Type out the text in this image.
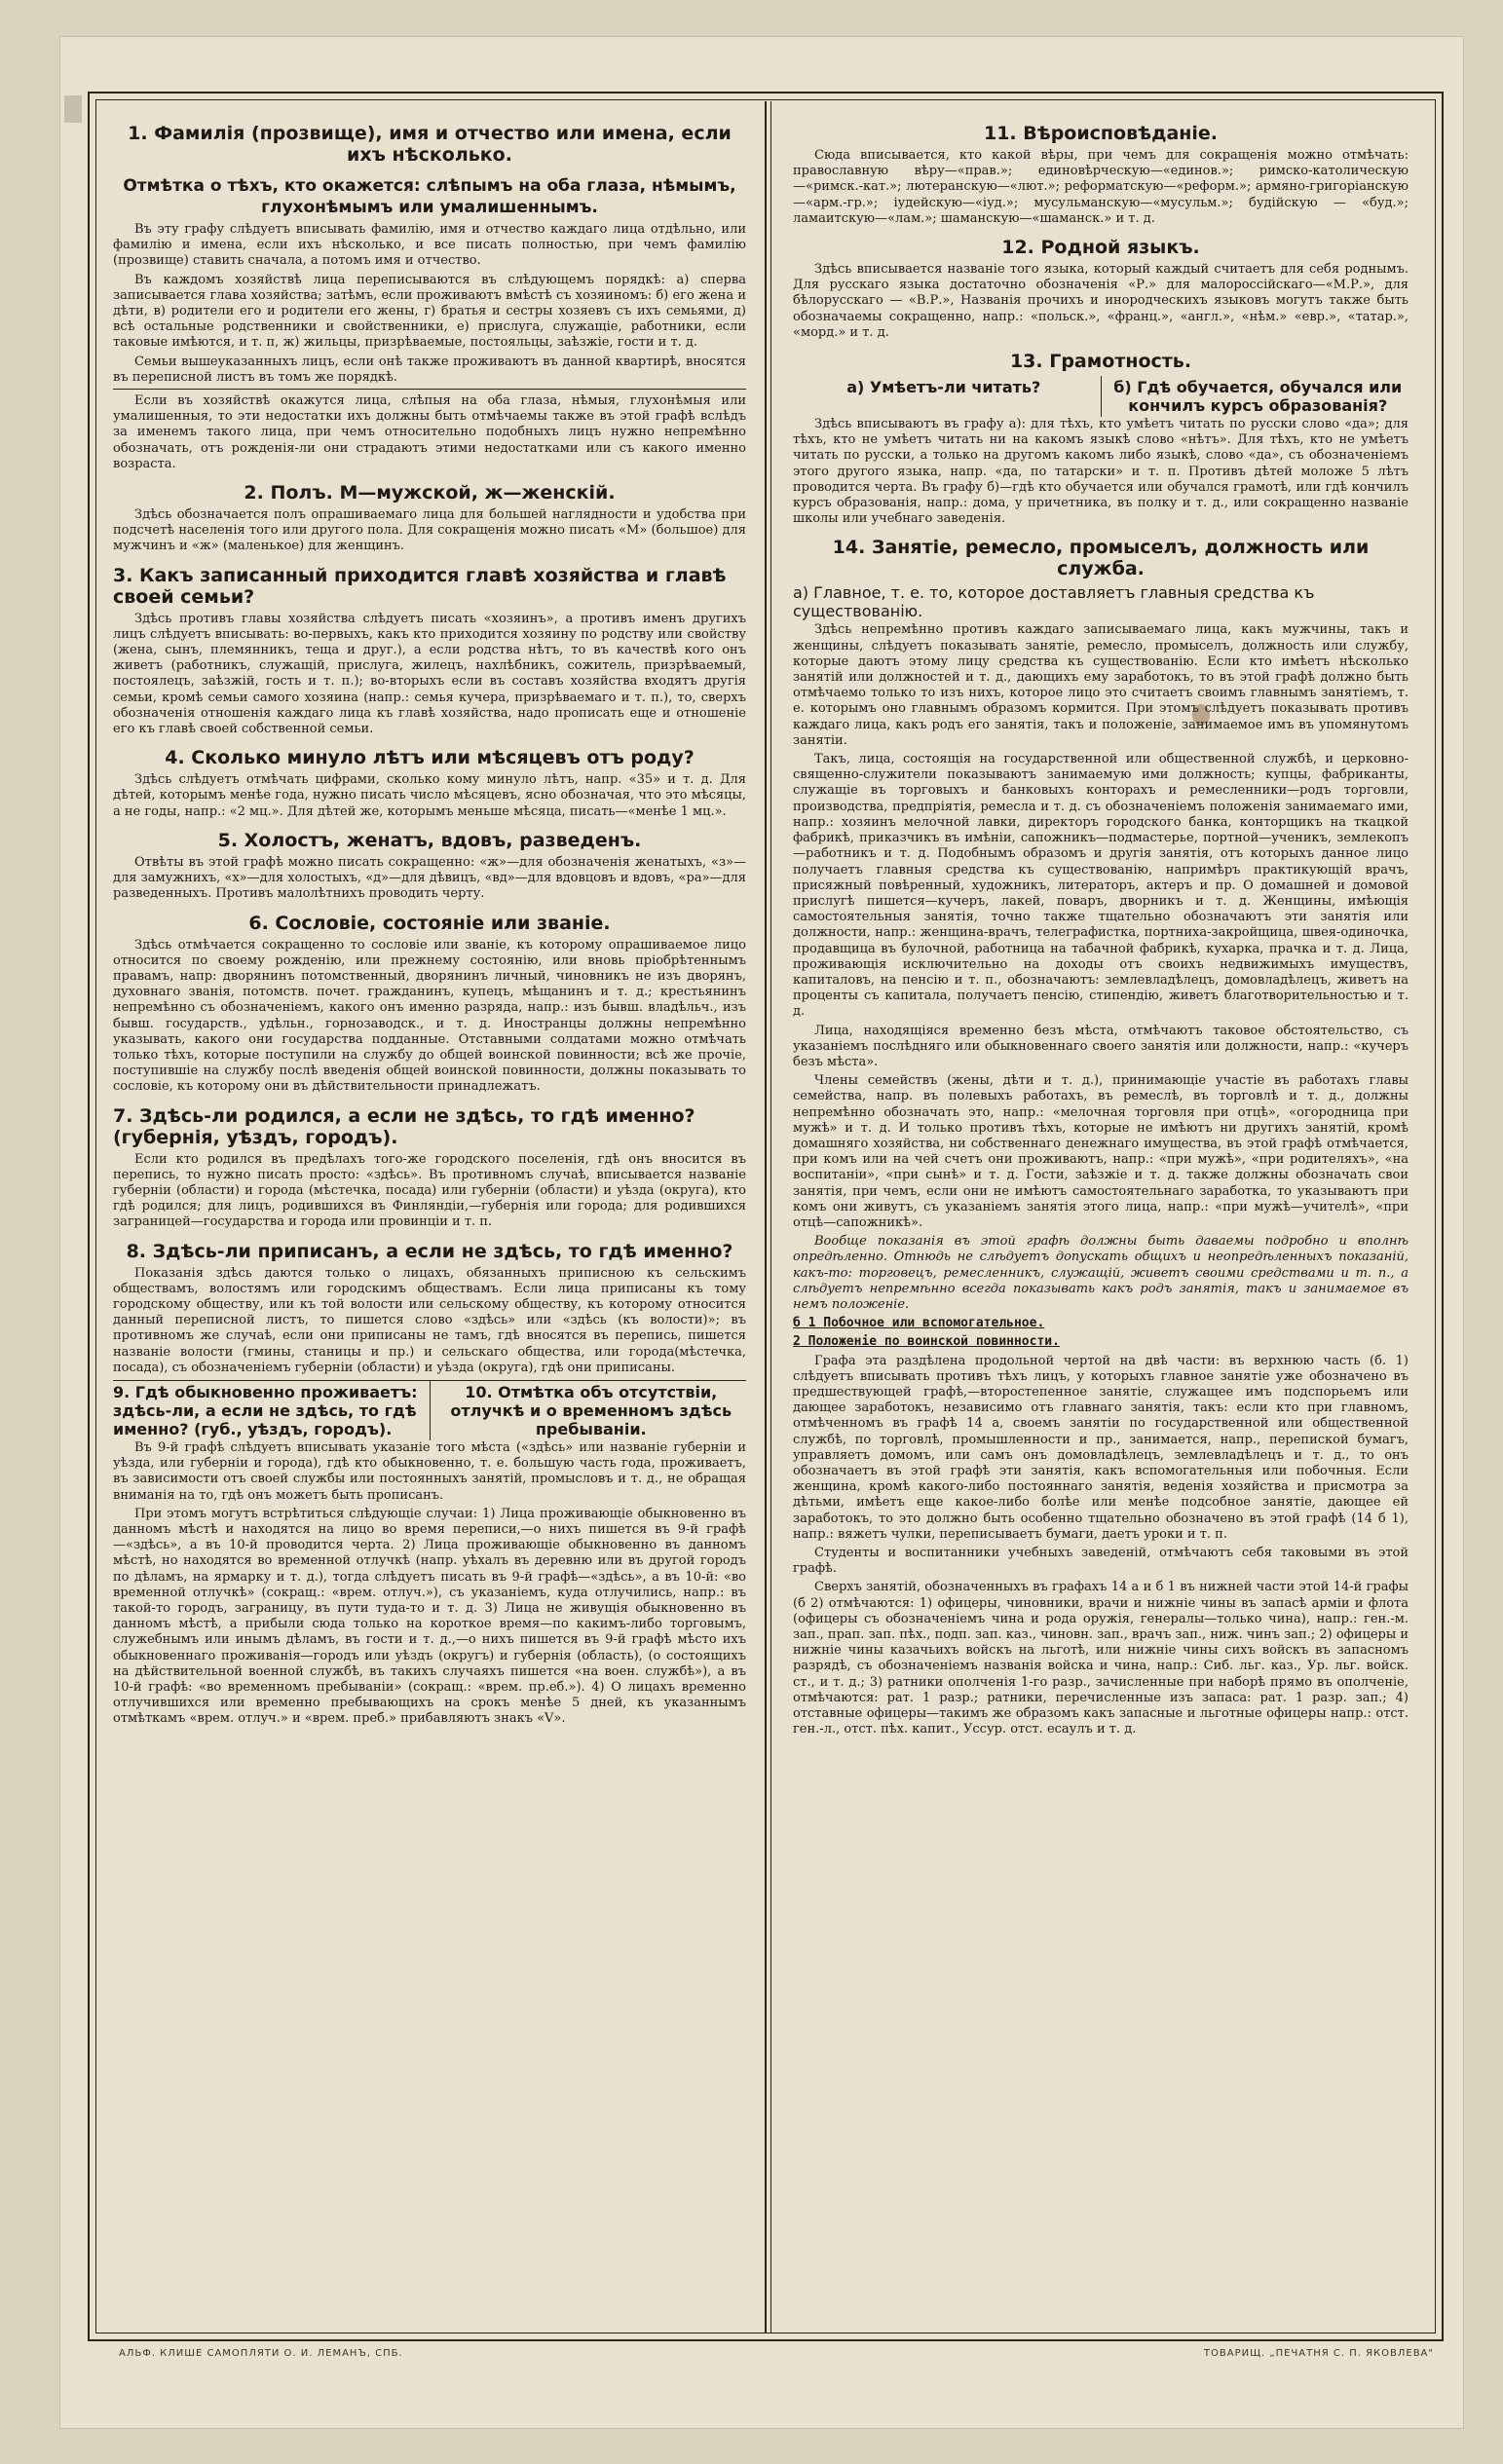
1. Фамилія (прозвище), имя и отчество или имена, если ихъ нѣсколько.
Отмѣтка о тѣхъ, кто окажется: слѣпымъ на оба глаза, нѣмымъ, глухонѣмымъ или умалишеннымъ.

Въ эту графу слѣдуетъ вписывать фамилію, имя и отчество каждаго лица отдѣльно, или фамилію и имена, если ихъ нѣсколько, и все писать полностью, при чемъ фамилію (прозвище) ставить сначала, а потомъ имя и отчество.

Въ каждомъ хозяйствѣ лица переписываются въ слѣдующемъ порядкѣ: а) сперва записывается глава хозяйства; затѣмъ, если проживаютъ вмѣстѣ съ хозяиномъ: б) его жена и дѣти, в) родители его и родители его жены, г) братья и сестры хозяевъ съ ихъ семьями, д) всѣ остальные родственники и свойственники, е) прислуга, служащіе, работники, если таковые имѣются, и т. п, ж) жильцы, призрѣваемые, постояльцы, заѣзжіе, гости и т. д.

Семьи вышеуказанныхъ лицъ, если онѣ также проживаютъ въ данной квартирѣ, вносятся въ переписной листъ въ томъ же порядкѣ.

Если въ хозяйствѣ окажутся лица, слѣпыя на оба глаза, нѣмыя, глухонѣмыя или умалишенныя, то эти недостатки ихъ должны быть отмѣчаемы также въ этой графѣ вслѣдъ за именемъ такого лица, при чемъ относительно подобныхъ лицъ нужно непремѣнно обозначать, отъ рожденія-ли они страдаютъ этими недостатками или съ какого именно возраста.

2. Полъ. М—мужской, ж—женскій.

Здѣсь обозначается полъ опрашиваемаго лица для большей наглядности и удобства при подсчетѣ населенія того или другого пола. Для сокращенія можно писать «М» (большое) для мужчинъ и «ж» (маленькое) для женщинъ.

3. Какъ записанный приходится главѣ хозяйства и главѣ своей семьи?

Здѣсь противъ главы хозяйства слѣдуетъ писать «хозяинъ», а противъ именъ другихъ лицъ слѣдуетъ вписывать: во-первыхъ, какъ кто приходится хозяину по родству или свойству (жена, сынъ, племянникъ, теща и друг.), а если родства нѣтъ, то въ качествѣ кого онъ живетъ (работникъ, служащій, прислуга, жилецъ, нахлѣбникъ, сожитель, призрѣваемый, постоялецъ, заѣзжій, гость и т. п.); во-вторыхъ если въ составъ хозяйства входятъ другія семьи, кромѣ семьи самого хозяина (напр.: семья кучера, призрѣваемаго и т. п.), то, сверхъ обозначенія отношенія каждаго лица къ главѣ хозяйства, надо прописать еще и отношеніе его къ главѣ своей собственной семьи.

4. Сколько минуло лѣтъ или мѣсяцевъ отъ роду?

Здѣсь слѣдуетъ отмѣчать цифрами, сколько кому минуло лѣтъ, напр. «35» и т. д. Для дѣтей, которымъ менѣе года, нужно писать число мѣсяцевъ, ясно обозначая, что это мѣсяцы, а не годы, напр.: «2 мц.». Для дѣтей же, которымъ меньше мѣсяца, писать—«менѣе 1 мц.».

5. Холостъ, женатъ, вдовъ, разведенъ.

Отвѣты въ этой графѣ можно писать сокращенно: «ж»—для обозначенія женатыхъ, «з»—для замужнихъ, «х»—для холостыхъ, «д»—для дѣвицъ, «вд»—для вдовцовъ и вдовъ, «ра»—для разведенныхъ. Противъ малолѣтнихъ проводить черту.

6. Сословіе, состояніе или званіе.

Здѣсь отмѣчается сокращенно то сословіе или званіе, къ которому опрашиваемое лицо относится по своему рожденію, или прежнему состоянію, или вновь пріобрѣтеннымъ правамъ, напр: дворянинъ потомственный, дворянинъ личный, чиновникъ не изъ дворянъ, духовнаго званія, потомств. почет. гражданинъ, купецъ, мѣщанинъ и т. д.; крестьянинъ непремѣнно съ обозначеніемъ, какого онъ именно разряда, напр.: изъ бывш. владѣльч., изъ бывш. государств., удѣльн., горнозаводск., и т. д. Иностранцы должны непремѣнно указывать, какого они государства подданные. Отставными солдатами можно отмѣчать только тѣхъ, которые поступили на службу до общей воинской повинности; всѣ же прочіе, поступившіе на службу послѣ введенія общей воинской повинности, должны показывать то сословіе, къ которому они въ дѣйствительности принадлежатъ.

7. Здѣсь-ли родился, а если не здѣсь, то гдѣ именно? (губернія, уѣздъ, городъ).

Если кто родился въ предѣлахъ того-же городского поселенія, гдѣ онъ вносится въ перепись, то нужно писать просто: «здѣсь». Въ противномъ случаѣ, вписывается названіе губерніи (области) и города (мѣстечка, посада) или губерніи (области) и уѣзда (округа), кто гдѣ родился; для лицъ, родившихся въ Финляндіи,—губернія или города; для родившихся заграницей—государства и города или провинціи и т. п.

8. Здѣсь-ли приписанъ, а если не здѣсь, то гдѣ именно?

Показанія здѣсь даются только о лицахъ, обязанныхъ приписною къ сельскимъ обществамъ, волостямъ или городскимъ обществамъ. Если лица приписаны къ тому городскому обществу, или къ той волости или сельскому обществу, къ которому относится данный переписной листъ, то пишется слово «здѣсь» или «здѣсь (къ волости)»; въ противномъ же случаѣ, если они приписаны не тамъ, гдѣ вносятся въ перепись, пишется названіе волости (гмины, станицы и пр.) и сельскаго общества, или города(мѣстечка, посада), съ обозначеніемъ губерніи (области) и уѣзда (округа), гдѣ они приписаны.

9. Гдѣ обыкновенно проживаетъ: здѣсь-ли, а если не здѣсь, то гдѣ именно? (губ., уѣздъ, городъ).
10. Отмѣтка объ отсутствіи, отлучкѣ и о временномъ здѣсь пребываніи.

Въ 9-й графѣ слѣдуетъ вписывать указаніе того мѣста («здѣсь» или названіе губерніи и уѣзда, или губерніи и города), гдѣ кто обыкновенно, т. е. большую часть года, проживаетъ, въ зависимости отъ своей службы или постоянныхъ занятій, промысловъ и т. д., не обращая вниманія на то, гдѣ онъ можетъ быть прописанъ.

При этомъ могутъ встрѣтиться слѣдующіе случаи: 1) Лица проживающіе обыкновенно въ данномъ мѣстѣ и находятся на лицо во время переписи,—о нихъ пишется въ 9-й графѣ—«здѣсь», а въ 10-й проводится черта. 2) Лица проживающіе обыкновенно въ данномъ мѣстѣ, но находятся во временной отлучкѣ (напр. уѣхалъ въ деревню или въ другой городъ по дѣламъ, на ярмарку и т. д.), тогда слѣдуетъ писать въ 9-й графѣ—«здѣсь», а въ 10-й: «во временной отлучкѣ» (сокращ.: «врем. отлуч.»), съ указаніемъ, куда отлучились, напр.: въ такой-то городъ, заграницу, въ пути туда-то и т. д. 3) Лица не живущія обыкновенно въ данномъ мѣстѣ, а прибыли сюда только на короткое время—по какимъ-либо торговымъ, служебнымъ или инымъ дѣламъ, въ гости и т. д.,—о нихъ пишется въ 9-й графѣ мѣсто ихъ обыкновеннаго проживанія—городъ или уѣздъ (округъ) и губернія (область), (о состоящихъ на дѣйствительной военной службѣ, въ такихъ случаяхъ пишется «на воен. службѣ»), а въ 10-й графѣ: «во временномъ пребываніи» (сокращ.: «врем. пр.еб.»). 4) О лицахъ временно отлучившихся или временно пребывающихъ на срокъ менѣе 5 дней, къ указаннымъ отмѣткамъ «врем. отлуч.» и «врем. преб.» прибавляютъ знакъ «V».

11. Вѣроисповѣданіе.

Сюда вписывается, кто какой вѣры, при чемъ для сокращенія можно отмѣчать: православную вѣру—«прав.»; единовѣрческую—«единов.»; римско-католическую—«римск.-кат.»; лютеранскую—«лют.»; реформатскую—«реформ.»; армяно-григоріанскую—«арм.-гр.»; іудейскую—«іуд.»; мусульманскую—«мусульм.»; будійскую — «буд.»; ламаитскую—«лам.»; шаманскую—«шаманск.» и т. д.

12. Родной языкъ.

Здѣсь вписывается названіе того языка, который каждый считаетъ для себя роднымъ. Для русскаго языка достаточно обозначенія «Р.» для малороссійскаго—«М.Р.», для бѣлорусскаго — «В.Р.», Названія прочихъ и инородческихъ языковъ могутъ также быть обозначаемы сокращенно, напр.: «польск.», «франц.», «англ.», «нѣм.» «евр.», «татар.», «морд.» и т. д.

13. Грамотность.
а) Умѣетъ-ли читать?	б) Гдѣ обучается, обучался или кончилъ курсъ образованія?

Здѣсь вписываютъ въ графу а): для тѣхъ, кто умѣетъ читать по русски слово «да»; для тѣхъ, кто не умѣетъ читать ни на какомъ языкѣ слово «нѣтъ». Для тѣхъ, кто не умѣетъ читать по русски, а только на другомъ какомъ либо языкѣ, слово «да», съ обозначеніемъ этого другого языка, напр. «да, по татарски» и т. п. Противъ дѣтей моложе 5 лѣтъ проводится черта. Въ графу б)—гдѣ кто обучается или обучался грамотѣ, или гдѣ кончилъ курсъ образованія, напр.: дома, у причетника, въ полку и т. д., или сокращенно названіе школы или учебнаго заведенія.

14. Занятіе, ремесло, промыселъ, должность или служба.
а) Главное, т. е. то, которое доставляетъ главныя средства къ существованію.

Здѣсь непремѣнно противъ каждаго записываемаго лица, какъ мужчины, такъ и женщины, слѣдуетъ показывать занятіе, ремесло, промыселъ, должность или службу, которые даютъ этому лицу средства къ существованію. Если кто имѣетъ нѣсколько занятій или должностей и т. д., дающихъ ему заработокъ, то въ этой графѣ должно быть отмѣчаемо только то изъ нихъ, которое лицо это считаетъ своимъ главнымъ занятіемъ, т. е. которымъ оно главнымъ образомъ кормится. При этомъ слѣдуетъ показывать противъ каждаго лица, какъ родъ его занятія, такъ и положеніе, занимаемое имъ въ упомянутомъ занятіи.

Такъ, лица, состоящія на государственной или общественной службѣ, и церковно-священно-служители показываютъ занимаемую ими должность; купцы, фабриканты, служащіе въ торговыхъ и банковыхъ конторахъ и ремесленники—родъ торговли, производства, предпріятія, ремесла и т. д. съ обозначеніемъ положенія занимаемаго ими, напр.: хозяинъ мелочной лавки, директоръ городского банка, конторщикъ на ткацкой фабрикѣ, приказчикъ въ имѣніи, сапожникъ—подмастерье, портной—ученикъ, землекопъ—работникъ и т. д. Подобнымъ образомъ и другія занятія, отъ которыхъ данное лицо получаетъ главныя средства къ существованію, напримѣръ практикующій врачъ, присяжный повѣренный, художникъ, литераторъ, актеръ и пр. О домашней и домовой прислугѣ пишется—кучеръ, лакей, поваръ, дворникъ и т. д. Женщины, имѣющія самостоятельныя занятія, точно также тщательно обозначаютъ эти занятія или должности, напр.: женщина-врачъ, телеграфистка, портниха-закройщица, швея-одиночка, продавщица въ булочной, работница на табачной фабрикѣ, кухарка, прачка и т. д. Лица, проживающія исключительно на доходы отъ своихъ недвижимыхъ имуществъ, капиталовъ, на пенсію и т. п., обозначаютъ: землевладѣлецъ, домовладѣлецъ, живетъ на проценты съ капитала, получаетъ пенсію, стипендію, живетъ благотворительностью и т. д.

Лица, находящіяся временно безъ мѣста, отмѣчаютъ таковое обстоятельство, съ указаніемъ послѣдняго или обыкновеннаго своего занятія или должности, напр.: «кучеръ безъ мѣста».

Члены семействъ (жены, дѣти и т. д.), принимающіе участіе въ работахъ главы семейства, напр. въ полевыхъ работахъ, въ ремеслѣ, въ торговлѣ и т. д., должны непремѣнно обозначать это, напр.: «мелочная торговля при отцѣ», «огородница при мужѣ» и т. д. И только противъ тѣхъ, которые не имѣютъ ни другихъ занятій, кромѣ домашняго хозяйства, ни собственнаго денежнаго имущества, въ этой графѣ отмѣчается, при комъ или на чей счетъ они проживаютъ, напр.: «при мужѣ», «при родителяхъ», «на воспитаніи», «при сынѣ» и т. д. Гости, заѣзжіе и т. д. также должны обозначать свои занятія, при чемъ, если они не имѣютъ самостоятельнаго заработка, то указываютъ при комъ они живутъ, съ указаніемъ занятія этого лица, напр.: «при мужѣ—учителѣ», «при отцѣ—сапожникѣ».

Вообще показанія въ этой графѣ должны быть даваемы подробно и вполнѣ опредѣленно. Отнюдь не слѣдуетъ допускать общихъ и неопредѣленныхъ показаній, какъ-то: торговецъ, ремесленникъ, служащій, живетъ своими средствами и т. п., а слѣдуетъ непремѣнно всегда показывать какъ родъ занятія, такъ и занимаемое въ немъ положеніе.

б 1 Побочное или вспомогательное.

2 Положеніе по воинской повинности.

Графа эта раздѣлена продольной чертой на двѣ части: въ верхнюю часть (б. 1) слѣдуетъ вписывать противъ тѣхъ лицъ, у которыхъ главное занятіе уже обозначено въ предшествующей графѣ,—второстепенное занятіе, служащее имъ подспорьемъ или дающее заработокъ, независимо отъ главнаго занятія, такъ: если кто при главномъ, отмѣченномъ въ графѣ 14 а, своемъ занятіи по государственной или общественной службѣ, по торговлѣ, промышленности и пр., занимается, напр., перепиской бумагъ, управляетъ домомъ, или самъ онъ домовладѣлецъ, землевладѣлецъ и т. д., то онъ обозначаетъ въ этой графѣ эти занятія, какъ вспомогательныя или побочныя. Если женщина, кромѣ какого-либо постояннаго занятія, веденія хозяйства и присмотра за дѣтьми, имѣетъ еще какое-либо болѣе или менѣе подсобное занятіе, дающее ей заработокъ, то это должно быть особенно тщательно обозначено въ этой графѣ (14 б 1), напр.: вяжетъ чулки, переписываетъ бумаги, даетъ уроки и т. п.

Студенты и воспитанники учебныхъ заведеній, отмѣчаютъ себя таковыми въ этой графѣ.

Сверхъ занятій, обозначенныхъ въ графахъ 14 а и б 1 въ нижней части этой 14-й графы (б 2) отмѣчаются: 1) офицеры, чиновники, врачи и нижніе чины въ запасѣ арміи и флота (офицеры съ обозначеніемъ чина и рода оружія, генералы—только чина), напр.: ген.-м. зап., прап. зап. пѣх., подп. зап. каз., чиновн. зап., врачъ зап., ниж. чинъ зап.; 2) офицеры и нижніе чины казачьихъ войскъ на льготѣ, или нижніе чины сихъ войскъ въ запасномъ разрядѣ, съ обозначеніемъ названія войска и чина, напр.: Сиб. льг. каз., Ур. льг. войск. ст., и т. д.; 3) ратники ополченія 1-го разр., зачисленные при наборѣ прямо въ ополченіе, отмѣчаются: рат. 1 разр.; ратники, перечисленные изъ запаса: рат. 1 разр. зап.; 4) отставные офицеры—такимъ же образомъ какъ запасные и льготные офицеры напр.: отст. ген.-л., отст. пѣх. капит., Уссур. отст. есаулъ и т. д.

АЛЬФ. КЛИШЕ САМОПЛЯТИ О. И. ЛЕМАНЪ, СПБ.	ТОВАРИЩ. „ПЕЧАТНЯ С. П. ЯКОВЛЕВА"
